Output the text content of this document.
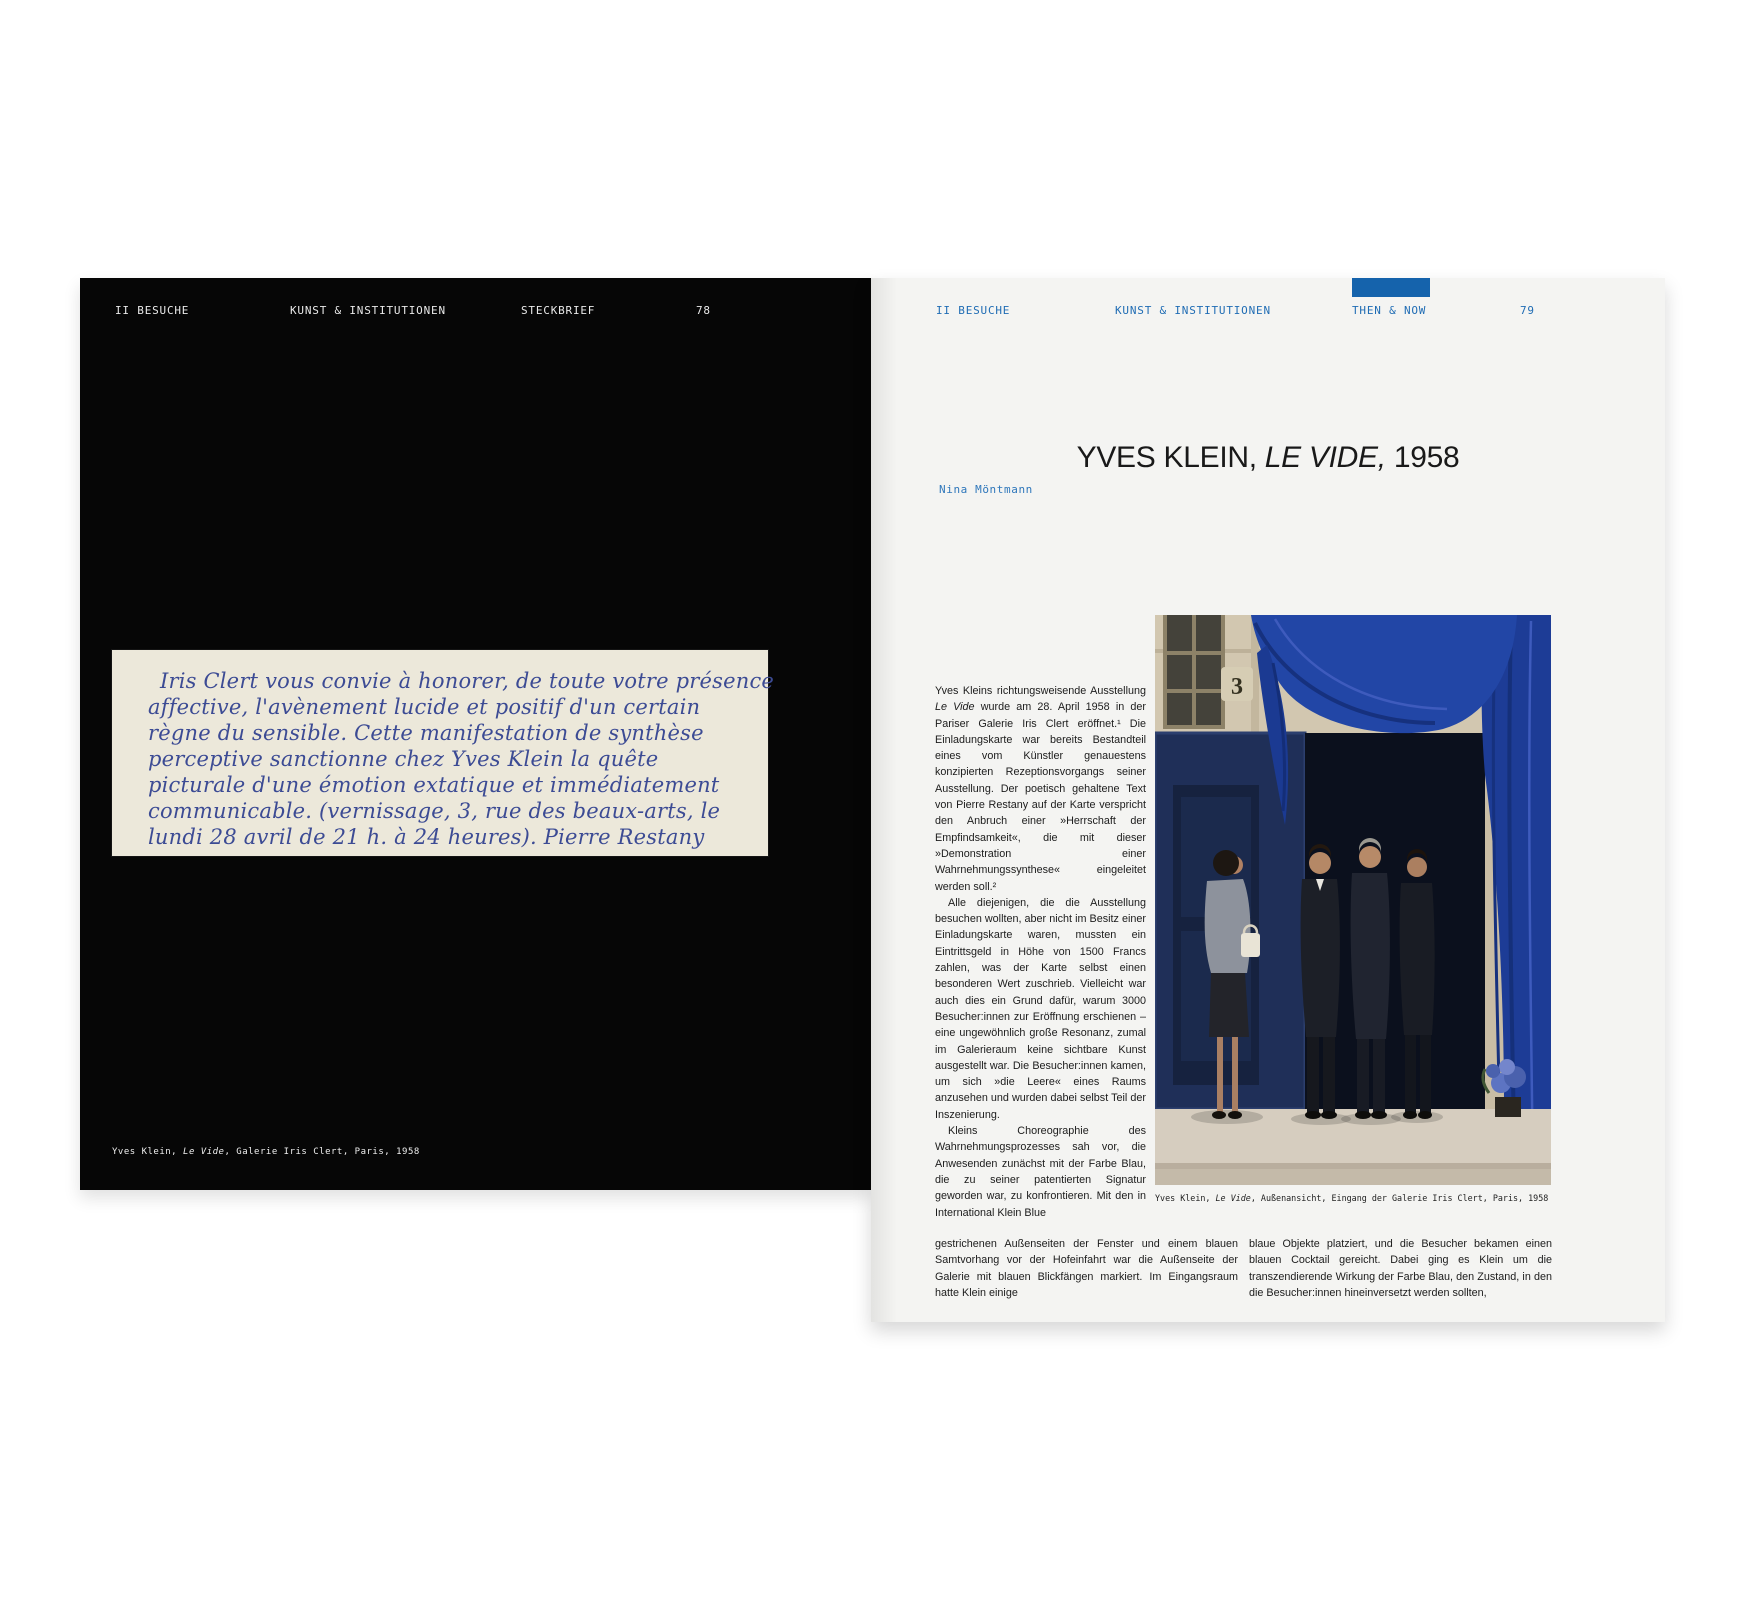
II BESUCHE	KUNST & INSTITUTIONEN	STECKBRIEF	78
Iris Clert vous convie à honorer, de toute votre présence
affective, l'avènement lucide et positif d'un certain
règne du sensible. Cette manifestation de synthèse
perceptive sanctionne chez Yves Klein la quête
picturale d'une émotion extatique et immédiatement
communicable. (vernissage, 3, rue des beaux-arts, le
lundi 28 avril de 21 h. à 24 heures). Pierre Restany
Yves Klein, Le Vide, Galerie Iris Clert, Paris, 1958
II BESUCHE	KUNST & INSTITUTIONEN	THEN & NOW	79
YVES KLEIN, LE VIDE, 1958
Nina Möntmann

Yves Kleins richtungsweisende Ausstellung Le Vide wurde am 28. April 1958 in der Pariser Galerie Iris Clert eröffnet.¹ Die Einladungskarte war bereits Bestandteil eines vom Künstler genauestens konzipierten Rezeptionsvorgangs seiner Ausstellung. Der poetisch gehaltene Text von Pierre Restany auf der Karte verspricht den Anbruch einer »Herrschaft der Empfindsamkeit«, die mit dieser »Demonstration einer Wahrnehmungssynthese« eingeleitet werden soll.²

Alle diejenigen, die die Ausstellung besuchen wollten, aber nicht im Besitz einer Einladungskarte waren, mussten ein Eintrittsgeld in Höhe von 1500 Francs zahlen, was der Karte selbst einen besonderen Wert zuschrieb. Vielleicht war auch dies ein Grund dafür, warum 3000 Besucher:innen zur Eröffnung erschienen – eine ungewöhnlich große Resonanz, zumal im Galerieraum keine sichtbare Kunst ausgestellt war. Die Besucher:innen kamen, um sich »die Leere« eines Raums anzusehen und wurden dabei selbst Teil der Inszenierung.

Kleins Choreographie des Wahrnehmungsprozesses sah vor, die Anwesenden zunächst mit der Farbe Blau, die zu seiner patentierten Signatur geworden war, zu konfrontieren. Mit den in International Klein Blue

3
Yves Klein, Le Vide, Außenansicht, Eingang der Galerie Iris Clert, Paris, 1958

gestrichenen Außenseiten der Fenster und einem blauen Samtvorhang vor der Hofeinfahrt war die Außenseite der Galerie mit blauen Blickfängen markiert. Im Eingangsraum hatte Klein einige

blaue Objekte platziert, und die Besucher bekamen einen blauen Cocktail gereicht. Dabei ging es Klein um die transzendierende Wirkung der Farbe Blau, den Zustand, in den die Besucher:innen hineinversetzt werden sollten,
